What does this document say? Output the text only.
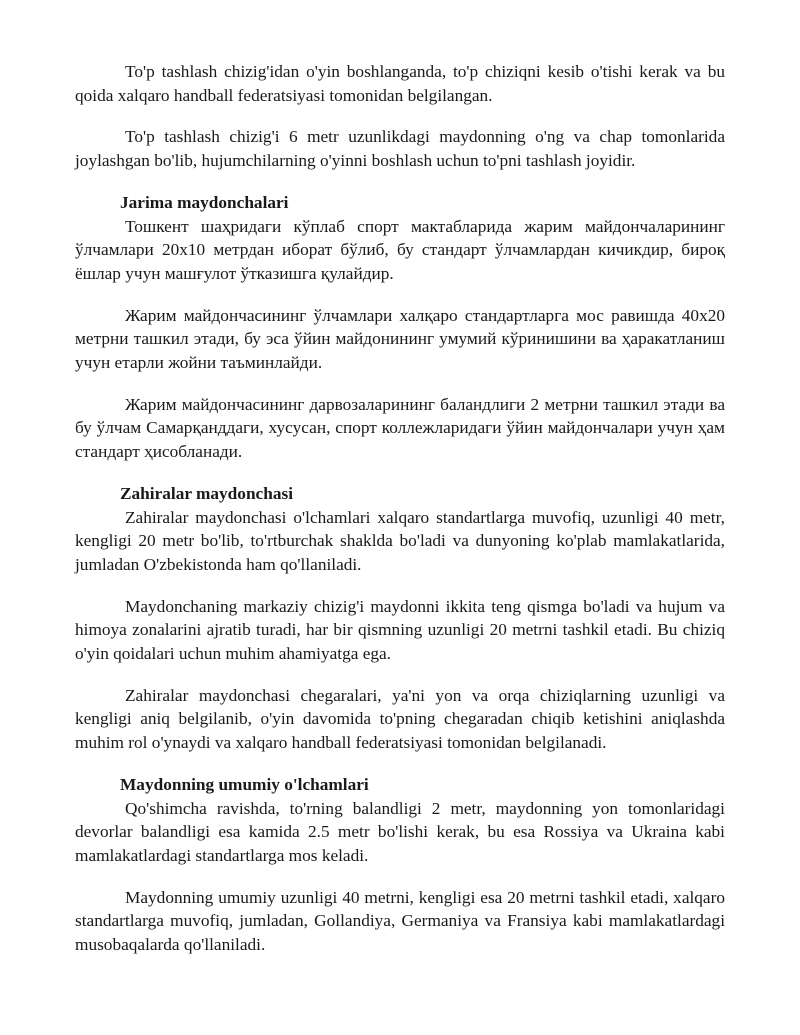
To'p tashlash chizig'idan o'yin boshlanganda, to'p chiziqni kesib o'tishi kerak va bu qoida xalqaro handball federatsiyasi tomonidan belgilangan.

To'p tashlash chizig'i 6 metr uzunlikdagi maydonning o'ng va chap tomonlarida joylashgan bo'lib, hujumchilarning o'yinni boshlash uchun to'pni tashlash joyidir.

Jarima maydonchalari

Тошкент шаҳридаги кўплаб спорт мактабларида жарим майдончаларининг ўлчамлари 20x10 метрдан иборат бўлиб, бу стандарт ўлчамлардан кичикдир, бироқ ёшлар учун машғулот ўтказишга қулайдир.

Жарим майдончасининг ўлчамлари халқаро стандартларга мос равишда 40x20 метрни ташкил этади, бу эса ўйин майдонининг умумий кўринишини ва ҳаракатланиш учун етарли жойни таъминлайди.

Жарим майдончасининг дарвозаларининг баландлиги 2 метрни ташкил этади ва бу ўлчам Самарқанддаги, хусусан, спорт коллежларидаги ўйин майдончалари учун ҳам стандарт ҳисобланади.

Zahiralar maydonchasi

Zahiralar maydonchasi o'lchamlari xalqaro standartlarga muvofiq, uzunligi 40 metr, kengligi 20 metr bo'lib, to'rtburchak shaklda bo'ladi va dunyoning ko'plab mamlakatlarida, jumladan O'zbekistonda ham qo'llaniladi.

Maydonchaning markaziy chizig'i maydonni ikkita teng qismga bo'ladi va hujum va himoya zonalarini ajratib turadi, har bir qismning uzunligi 20 metrni tashkil etadi. Bu chiziq o'yin qoidalari uchun muhim ahamiyatga ega.

Zahiralar maydonchasi chegaralari, ya'ni yon va orqa chiziqlarning uzunligi va kengligi aniq belgilanib, o'yin davomida to'pning chegaradan chiqib ketishini aniqlashda muhim rol o'ynaydi va xalqaro handball federatsiyasi tomonidan belgilanadi.

Maydonning umumiy o'lchamlari

Qo'shimcha ravishda, to'rning balandligi 2 metr, maydonning yon tomonlaridagi devorlar balandligi esa kamida 2.5 metr bo'lishi kerak, bu esa Rossiya va Ukraina kabi mamlakatlardagi standartlarga mos keladi.

Maydonning umumiy uzunligi 40 metrni, kengligi esa 20 metrni tashkil etadi, xalqaro standartlarga muvofiq, jumladan, Gollandiya, Germaniya va Fransiya kabi mamlakatlardagi musobaqalarda qo'llaniladi.
